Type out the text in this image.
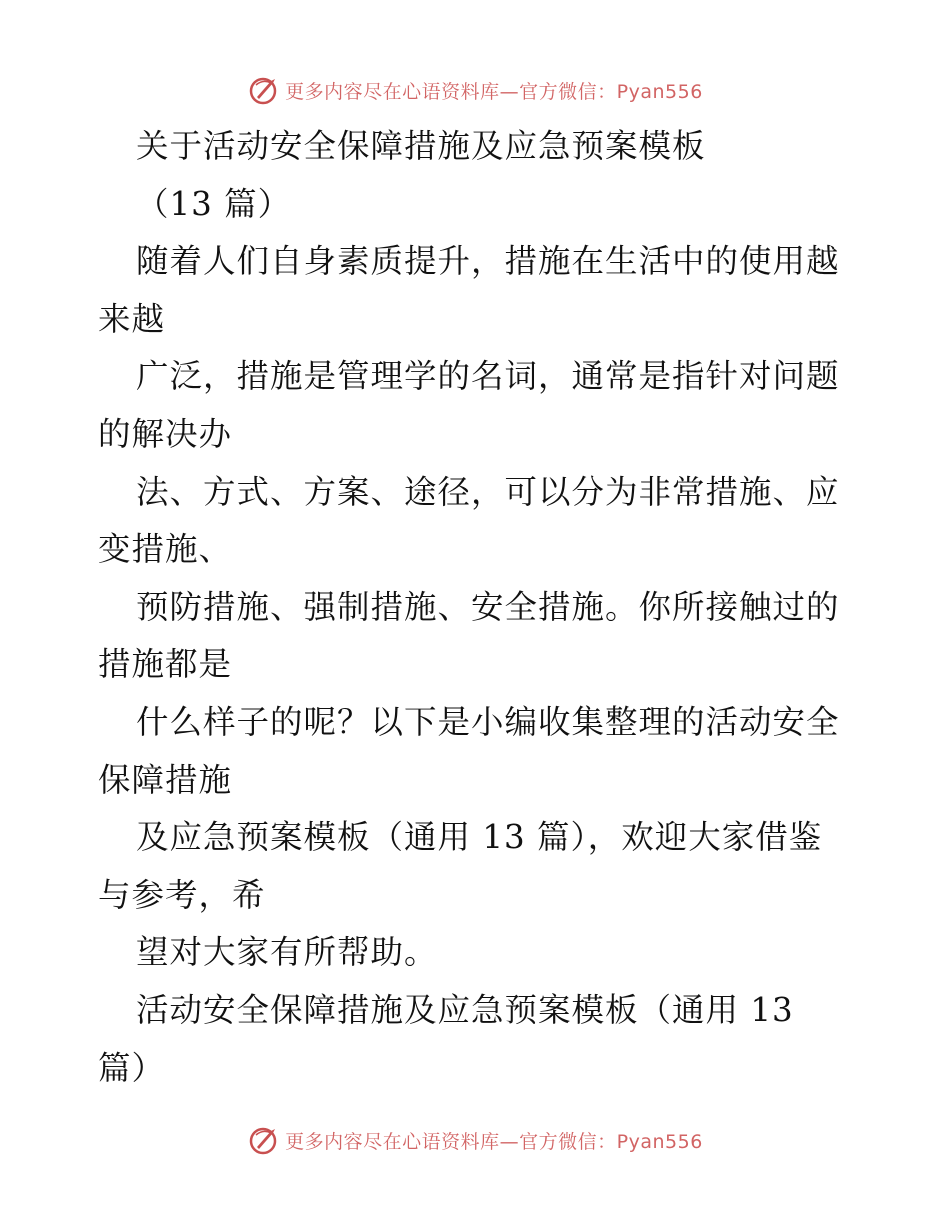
更多内容尽在心语资料库—官方微信：Pyan556
关于活动安全保障措施及应急预案模板
（13 篇）
随着人们自身素质提升，措施在生活中的使用越
来越
广泛，措施是管理学的名词，通常是指针对问题
的解决办
法、方式、方案、途径，可以分为非常措施、应
变措施、
预防措施、强制措施、安全措施。你所接触过的
措施都是
什么样子的呢？以下是小编收集整理的活动安全
保障措施
及应急预案模板（通用 13 篇），欢迎大家借鉴
与参考，希
望对大家有所帮助。
活动安全保障措施及应急预案模板（通用 13
篇）
更多内容尽在心语资料库—官方微信：Pyan556
